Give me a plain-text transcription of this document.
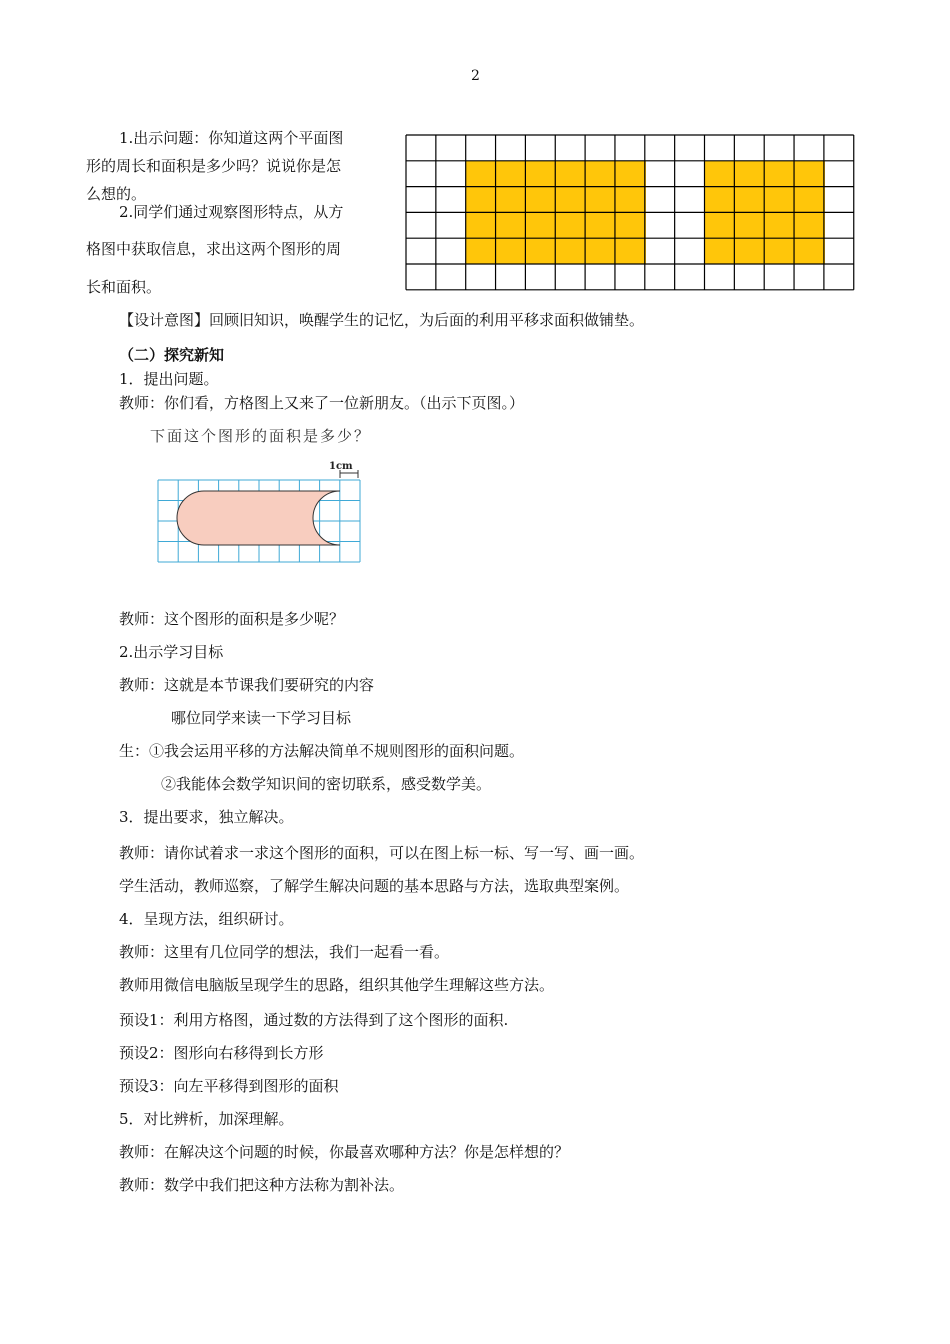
2
1.出示问题：你知道这两个平面图
形的周长和面积是多少吗？说说你是怎
么想的。
2.同学们通过观察图形特点，从方
格图中获取信息，求出这两个图形的周
长和面积。
【设计意图】回顾旧知识，唤醒学生的记忆，为后面的利用平移求面积做铺垫。
（二）探究新知
1．提出问题。
教师：你们看，方格图上又来了一位新朋友。（出示下页图。）
下面这个图形的面积是多少？
1cm
教师：这个图形的面积是多少呢？
2.出示学习目标
教师：这就是本节课我们要研究的内容
哪位同学来读一下学习目标
生：①我会运用平移的方法解决简单不规则图形的面积问题。
②我能体会数学知识间的密切联系，感受数学美。
3．提出要求，独立解决。
教师：请你试着求一求这个图形的面积，可以在图上标一标、写一写、画一画。
学生活动，教师巡察，了解学生解决问题的基本思路与方法，选取典型案例。
4．呈现方法，组织研讨。
教师：这里有几位同学的想法，我们一起看一看。
教师用微信电脑版呈现学生的思路，组织其他学生理解这些方法。
预设1：利用方格图，通过数的方法得到了这个图形的面积.
预设2：图形向右移得到长方形
预设3：向左平移得到图形的面积
5．对比辨析，加深理解。
教师：在解决这个问题的时候，你最喜欢哪种方法？你是怎样想的？
教师：数学中我们把这种方法称为割补法。
